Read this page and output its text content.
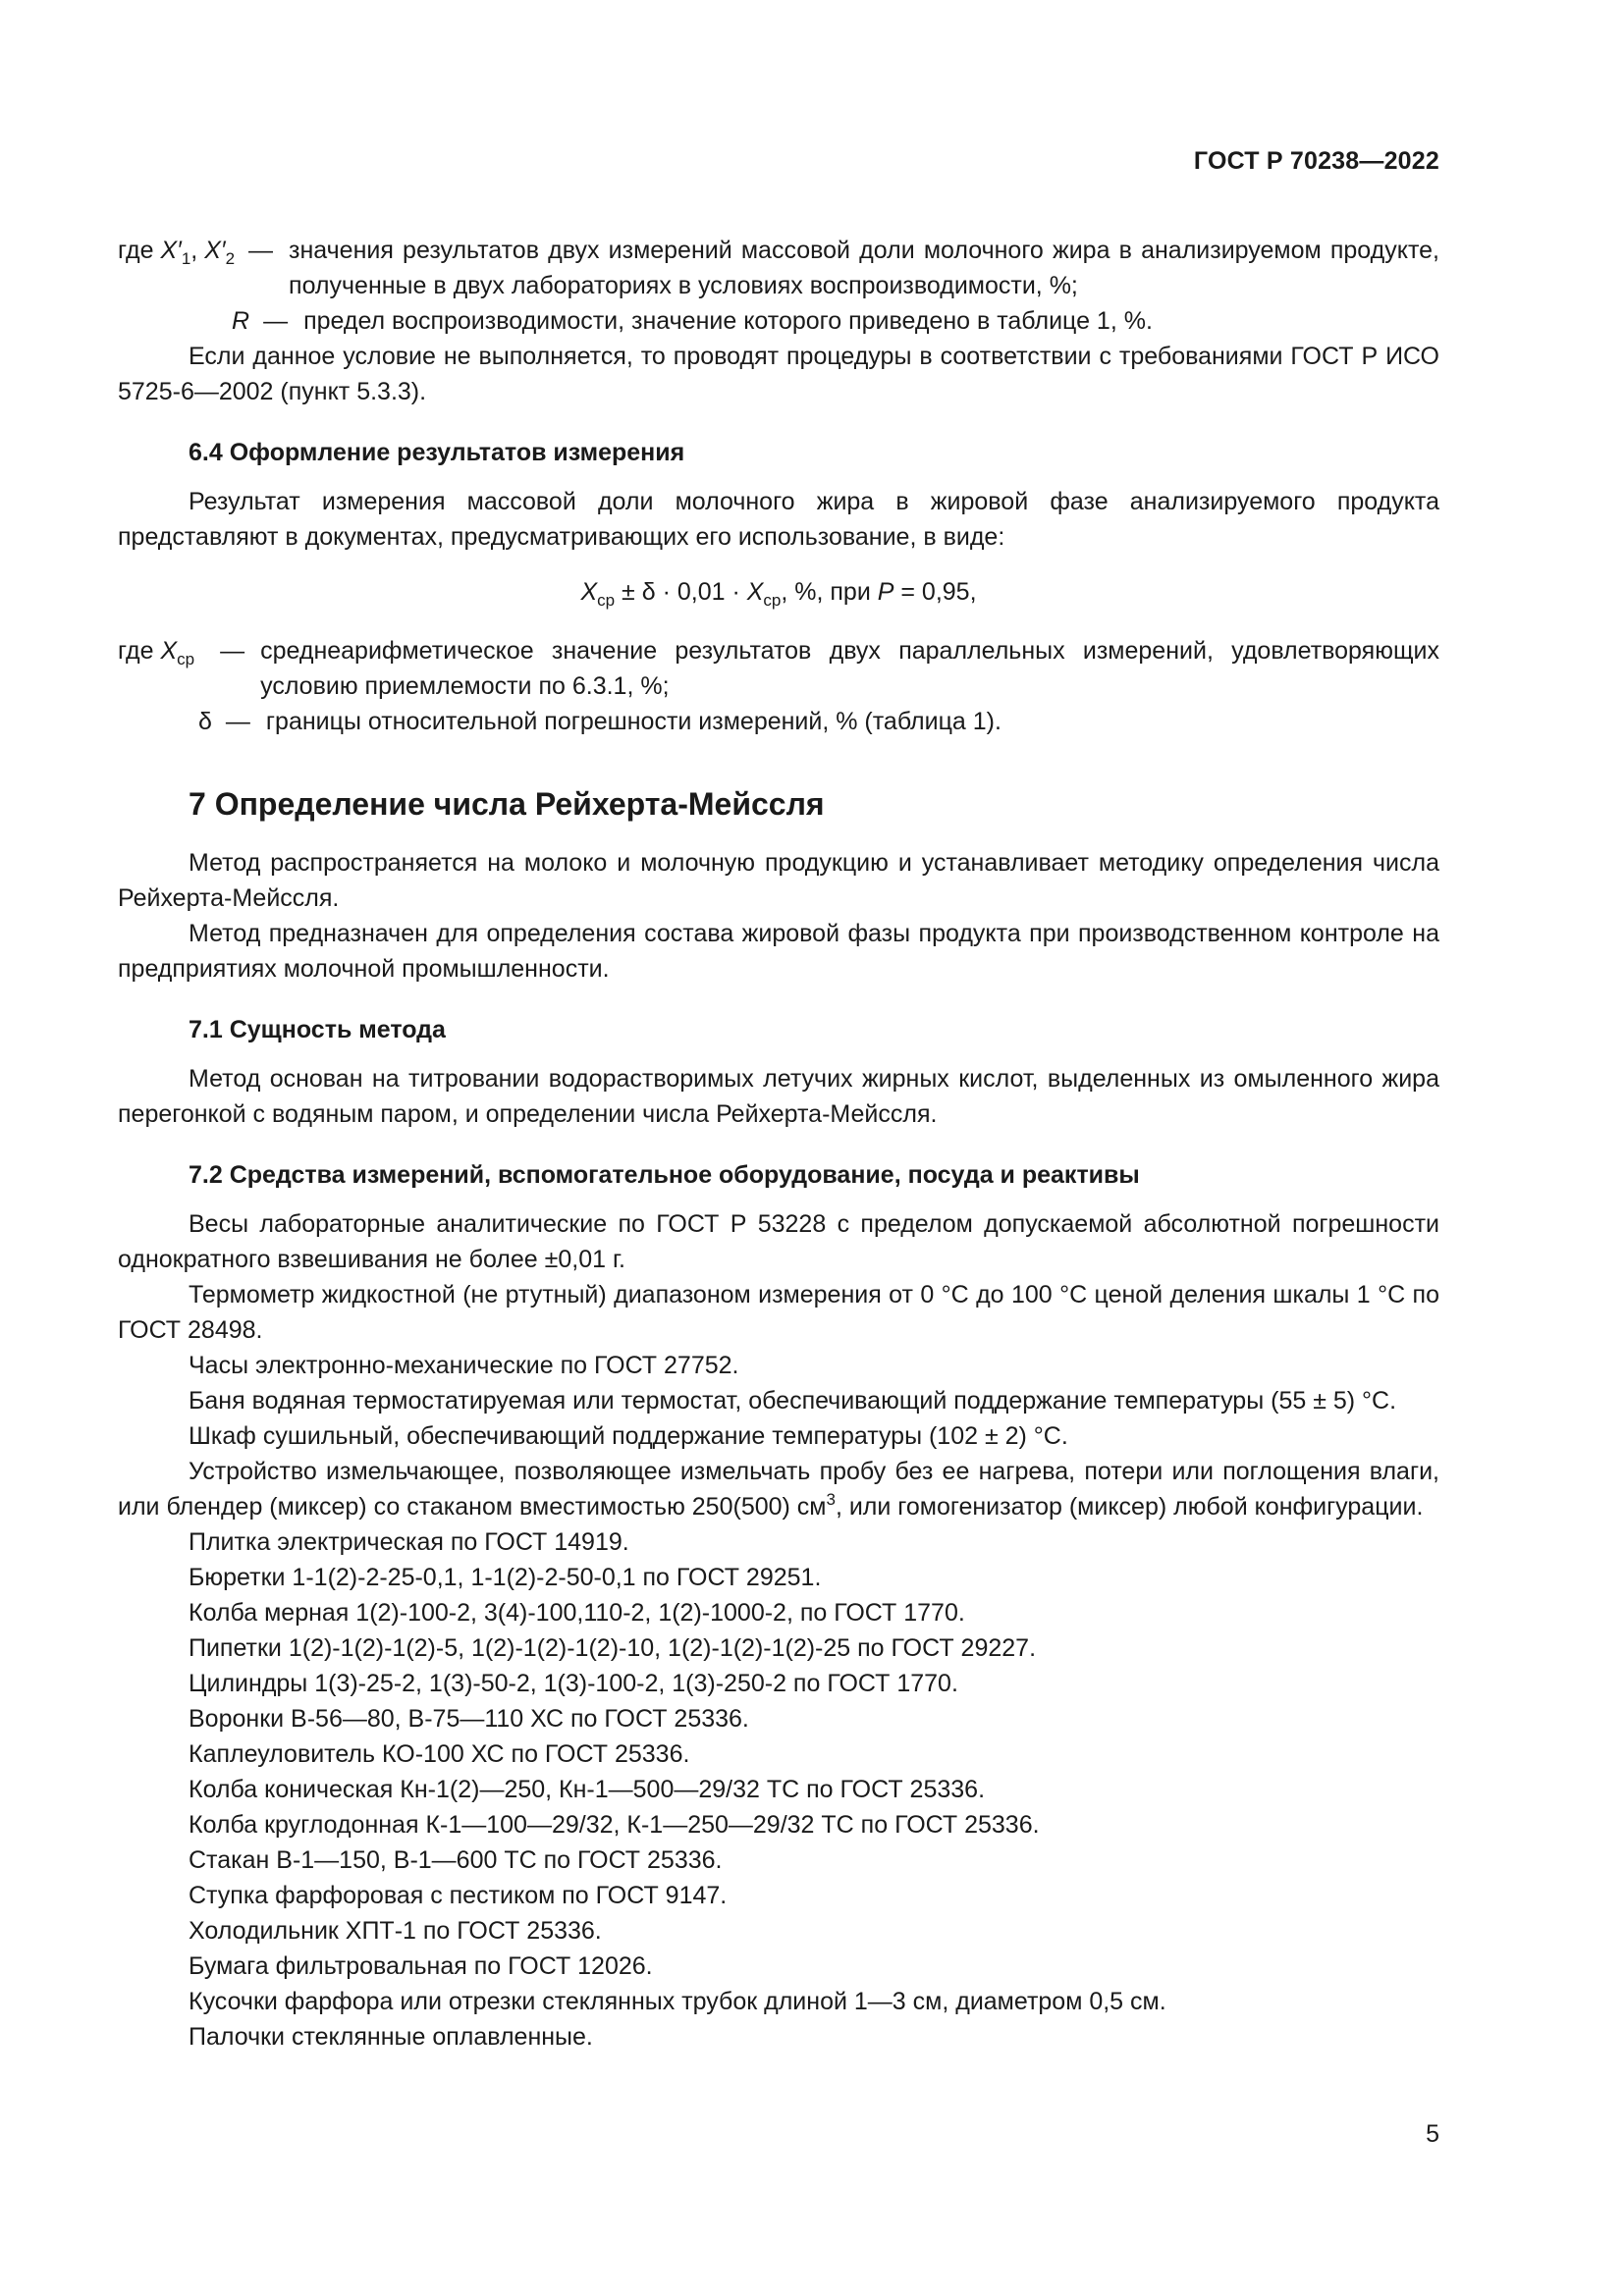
ГОСТ Р 70238—2022
где $X'_1$, $X'_2$ — значения результатов двух измерений массовой доли молочного жира в анализируемом продукте, полученные в двух лабораториях в условиях воспроизводимости, %;
R — предел воспроизводимости, значение которого приведено в таблице 1, %.

Если данное условие не выполняется, то проводят процедуры в соответствии с требованиями ГОСТ Р ИСО 5725-6—2002 (пункт 5.3.3).

6.4 Оформление результатов измерения

Результат измерения массовой доли молочного жира в жировой фазе анализируемого продукта представляют в документах, предусматривающих его использование, в виде:

$X_{ср} \pm \delta \cdot 0,01 \cdot X_{ср}$, %, при P = 0,95,
где $X_{ср}$	— среднеарифметическое значение результатов двух параллельных измерений, удовлетворяющих условию приемлемости по 6.3.1, %;
δ — границы относительной погрешности измерений, % (таблица 1).
7 Определение числа Рейхерта-Мейссля

Метод распространяется на молоко и молочную продукцию и устанавливает методику определения числа Рейхерта-Мейссля.

Метод предназначен для определения состава жировой фазы продукта при производственном контроле на предприятиях молочной промышленности.

7.1 Сущность метода

Метод основан на титровании водорастворимых летучих жирных кислот, выделенных из омыленного жира перегонкой с водяным паром, и определении числа Рейхерта-Мейссля.

7.2 Средства измерений, вспомогательное оборудование, посуда и реактивы

Весы лабораторные аналитические по ГОСТ Р 53228 с пределом допускаемой абсолютной погрешности однократного взвешивания не более ±0,01 г.

Термометр жидкостной (не ртутный) диапазоном измерения от 0 °С до 100 °С ценой деления шкалы 1 °С по ГОСТ 28498.

Часы электронно-механические по ГОСТ 27752.

Баня водяная термостатируемая или термостат, обеспечивающий поддержание температуры (55 ± 5) °С.

Шкаф сушильный, обеспечивающий поддержание температуры (102 ± 2) °С.

Устройство измельчающее, позволяющее измельчать пробу без ее нагрева, потери или поглощения влаги, или блендер (миксер) со стаканом вместимостью 250(500) $см^3$, или гомогенизатор (миксер) любой конфигурации.

Плитка электрическая по ГОСТ 14919.

Бюретки 1-1(2)-2-25-0,1, 1-1(2)-2-50-0,1 по ГОСТ 29251.

Колба мерная 1(2)-100-2, 3(4)-100,110-2, 1(2)-1000-2, по ГОСТ 1770.

Пипетки 1(2)-1(2)-1(2)-5, 1(2)-1(2)-1(2)-10, 1(2)-1(2)-1(2)-25 по ГОСТ 29227.

Цилиндры 1(3)-25-2, 1(3)-50-2, 1(3)-100-2, 1(3)-250-2 по ГОСТ 1770.

Воронки В-56—80, В-75—110 ХС по ГОСТ 25336.

Каплеуловитель КО-100 ХС по ГОСТ 25336.

Колба коническая Кн-1(2)—250, Кн-1—500—29/32 ТС по ГОСТ 25336.

Колба круглодонная К-1—100—29/32, К-1—250—29/32 ТС по ГОСТ 25336.

Стакан В-1—150, В-1—600 ТС по ГОСТ 25336.

Ступка фарфоровая с пестиком по ГОСТ 9147.

Холодильник ХПТ-1 по ГОСТ 25336.

Бумага фильтровальная по ГОСТ 12026.

Кусочки фарфора или отрезки стеклянных трубок длиной 1—3 см, диаметром 0,5 см.

Палочки стеклянные оплавленные.

5
